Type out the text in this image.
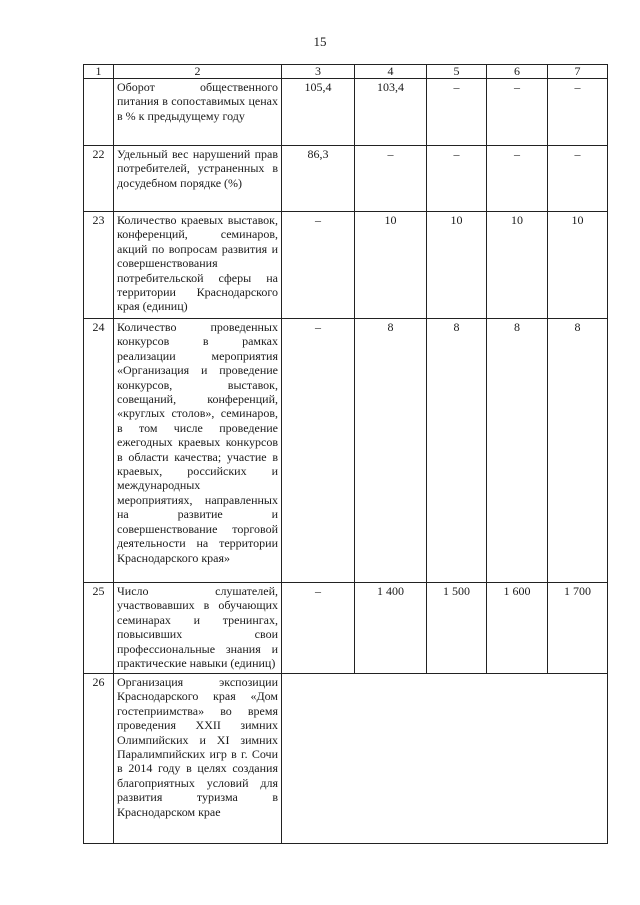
15
1	2	3	4	5	6	7
	Оборот общественного питания в сопоставимых ценах в % к предыдущему году	105,4	103,4	–	–	–
22	Удельный вес нарушений прав потребителей, устраненных в досудебном порядке (%)	86,3	–	–	–	–
23	Количество краевых выставок, конференций, семинаров, акций по вопросам развития и совершенствования потребительской сферы на территории Краснодарского края (единиц)	–	10	10	10	10
24	Количество проведенных конкурсов в рамках реализации мероприятия «Организация и проведение конкурсов, выставок, совещаний, конференций, «круглых столов», семинаров, в том числе проведение ежегодных краевых конкурсов в области качества; участие в краевых, российских и международных мероприятиях, направленных на развитие и совершенствование торговой деятельности на территории Краснодарского края»	–	8	8	8	8
25	Число слушателей, участвовавших в обучающих семинарах и тренингах, повысивших свои профессиональные знания и практические навыки (единиц)	–	1 400	1 500	1 600	1 700
26	Организация экспозиции Краснодарского края «Дом гостеприимства» во время проведения XXII зимних Олимпийских и XI зимних Паралимпийских игр в г. Сочи в 2014 году в целях создания благоприятных условий для развития туризма в Краснодарском крае					
